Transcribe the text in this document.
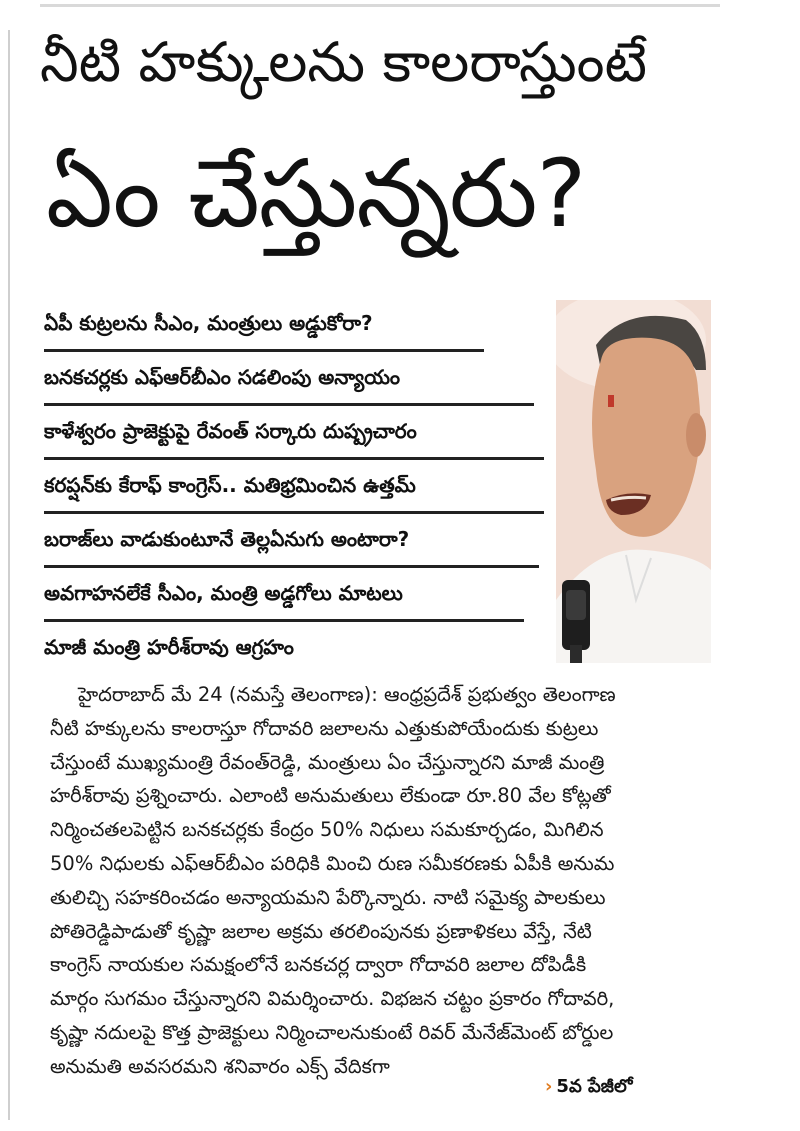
నీటి హక్కులను కాలరాస్తుంటే
ఏం చేస్తున్నరు?
ఏపీ కుట్రలను సీఎం, మంత్రులు అడ్డుకోరా?
బనకచర్లకు ఎఫ్‌ఆర్‌బీఎం సడలింపు అన్యాయం
కాళేశ్వరం ప్రాజెక్టుపై రేవంత్ సర్కారు దుష్ప్రచారం
కరప్షన్‌కు కేరాఫ్ కాంగ్రెస్.. మతిభ్రమించిన ఉత్తమ్
బరాజ్‌లు వాడుకుంటూనే తెల్లఏనుగు అంటారా?
అవగాహనలేకే సీఎం, మంత్రి అడ్డగోలు మాటలు
మాజీ మంత్రి హరీశ్‌రావు ఆగ్రహం
హైదరాబాద్ మే 24 (నమస్తే తెలంగాణ): ఆంధ్రప్రదేశ్ ప్రభుత్వం తెలంగాణ
నీటి హక్కులను కాలరాస్తూ గోదావరి జలాలను ఎత్తుకుపోయేందుకు కుట్రలు
చేస్తుంటే ముఖ్యమంత్రి రేవంత్‌రెడ్డి, మంత్రులు ఏం చేస్తున్నారని మాజీ మంత్రి
హరీశ్‌రావు ప్రశ్నించారు. ఎలాంటి అనుమతులు లేకుండా రూ.80 వేల కోట్లతో
నిర్మించతలపెట్టిన బనకచర్లకు కేంద్రం 50% నిధులు సమకూర్చడం, మిగిలిన
50% నిధులకు ఎఫ్‌ఆర్‌బీఎం పరిధికి మించి రుణ సమీకరణకు ఏపీకి అనుమ
తులిచ్చి సహకరించడం అన్యాయమని పేర్కొన్నారు. నాటి సమైక్య పాలకులు
పోతిరెడ్డిపాడుతో కృష్ణా జలాల అక్రమ తరలింపునకు ప్రణాళికలు వేస్తే, నేటి
కాంగ్రెస్ నాయకుల సమక్షంలోనే బనకచర్ల ద్వారా గోదావరి జలాల దోపిడీకి
మార్గం సుగమం చేస్తున్నారని విమర్శించారు. విభజన చట్టం ప్రకారం గోదావరి,
కృష్ణా నదులపై కొత్త ప్రాజెక్టులు నిర్మించాలనుకుంటే రివర్ మేనేజ్‌మెంట్ బోర్డుల
అనుమతి అవసరమని శనివారం ఎక్స్ వేదికగా
› 5వ పేజీలో
